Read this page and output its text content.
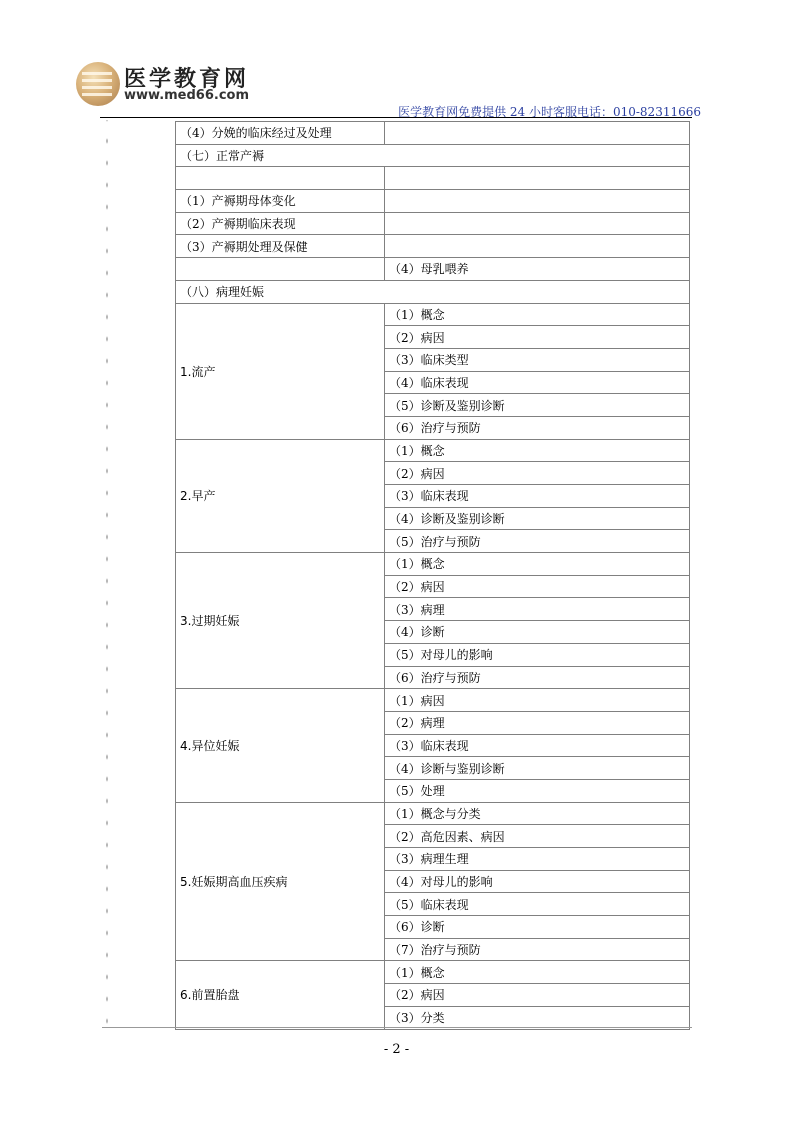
医学教育网
www.med66.com
医学教育网免费提供 24 小时客服电话：010-82311666
（4）分娩的临床经过及处理	
（七）正常产褥	

（1）产褥期母体变化	
（2）产褥期临床表现	
（3）产褥期处理及保健	
	（4）母乳喂养
（八）病理妊娠	
1.流产	（1）概念
	（2）病因
	（3）临床类型
	（4）临床表现
	（5）诊断及鉴别诊断
	（6）治疗与预防
2.早产	（1）概念
	（2）病因
	（3）临床表现
	（4）诊断及鉴别诊断
	（5）治疗与预防
3.过期妊娠	（1）概念
	（2）病因
	（3）病理
	（4）诊断
	（5）对母儿的影响
	（6）治疗与预防
4.异位妊娠	（1）病因
	（2）病理
	（3）临床表现
	（4）诊断与鉴别诊断
	（5）处理
5.妊娠期高血压疾病	（1）概念与分类
	（2）高危因素、病因
	（3）病理生理
	（4）对母儿的影响
	（5）临床表现
	（6）诊断
	（7）治疗与预防
6.前置胎盘	（1）概念
	（2）病因
	（3）分类
- 2 -
